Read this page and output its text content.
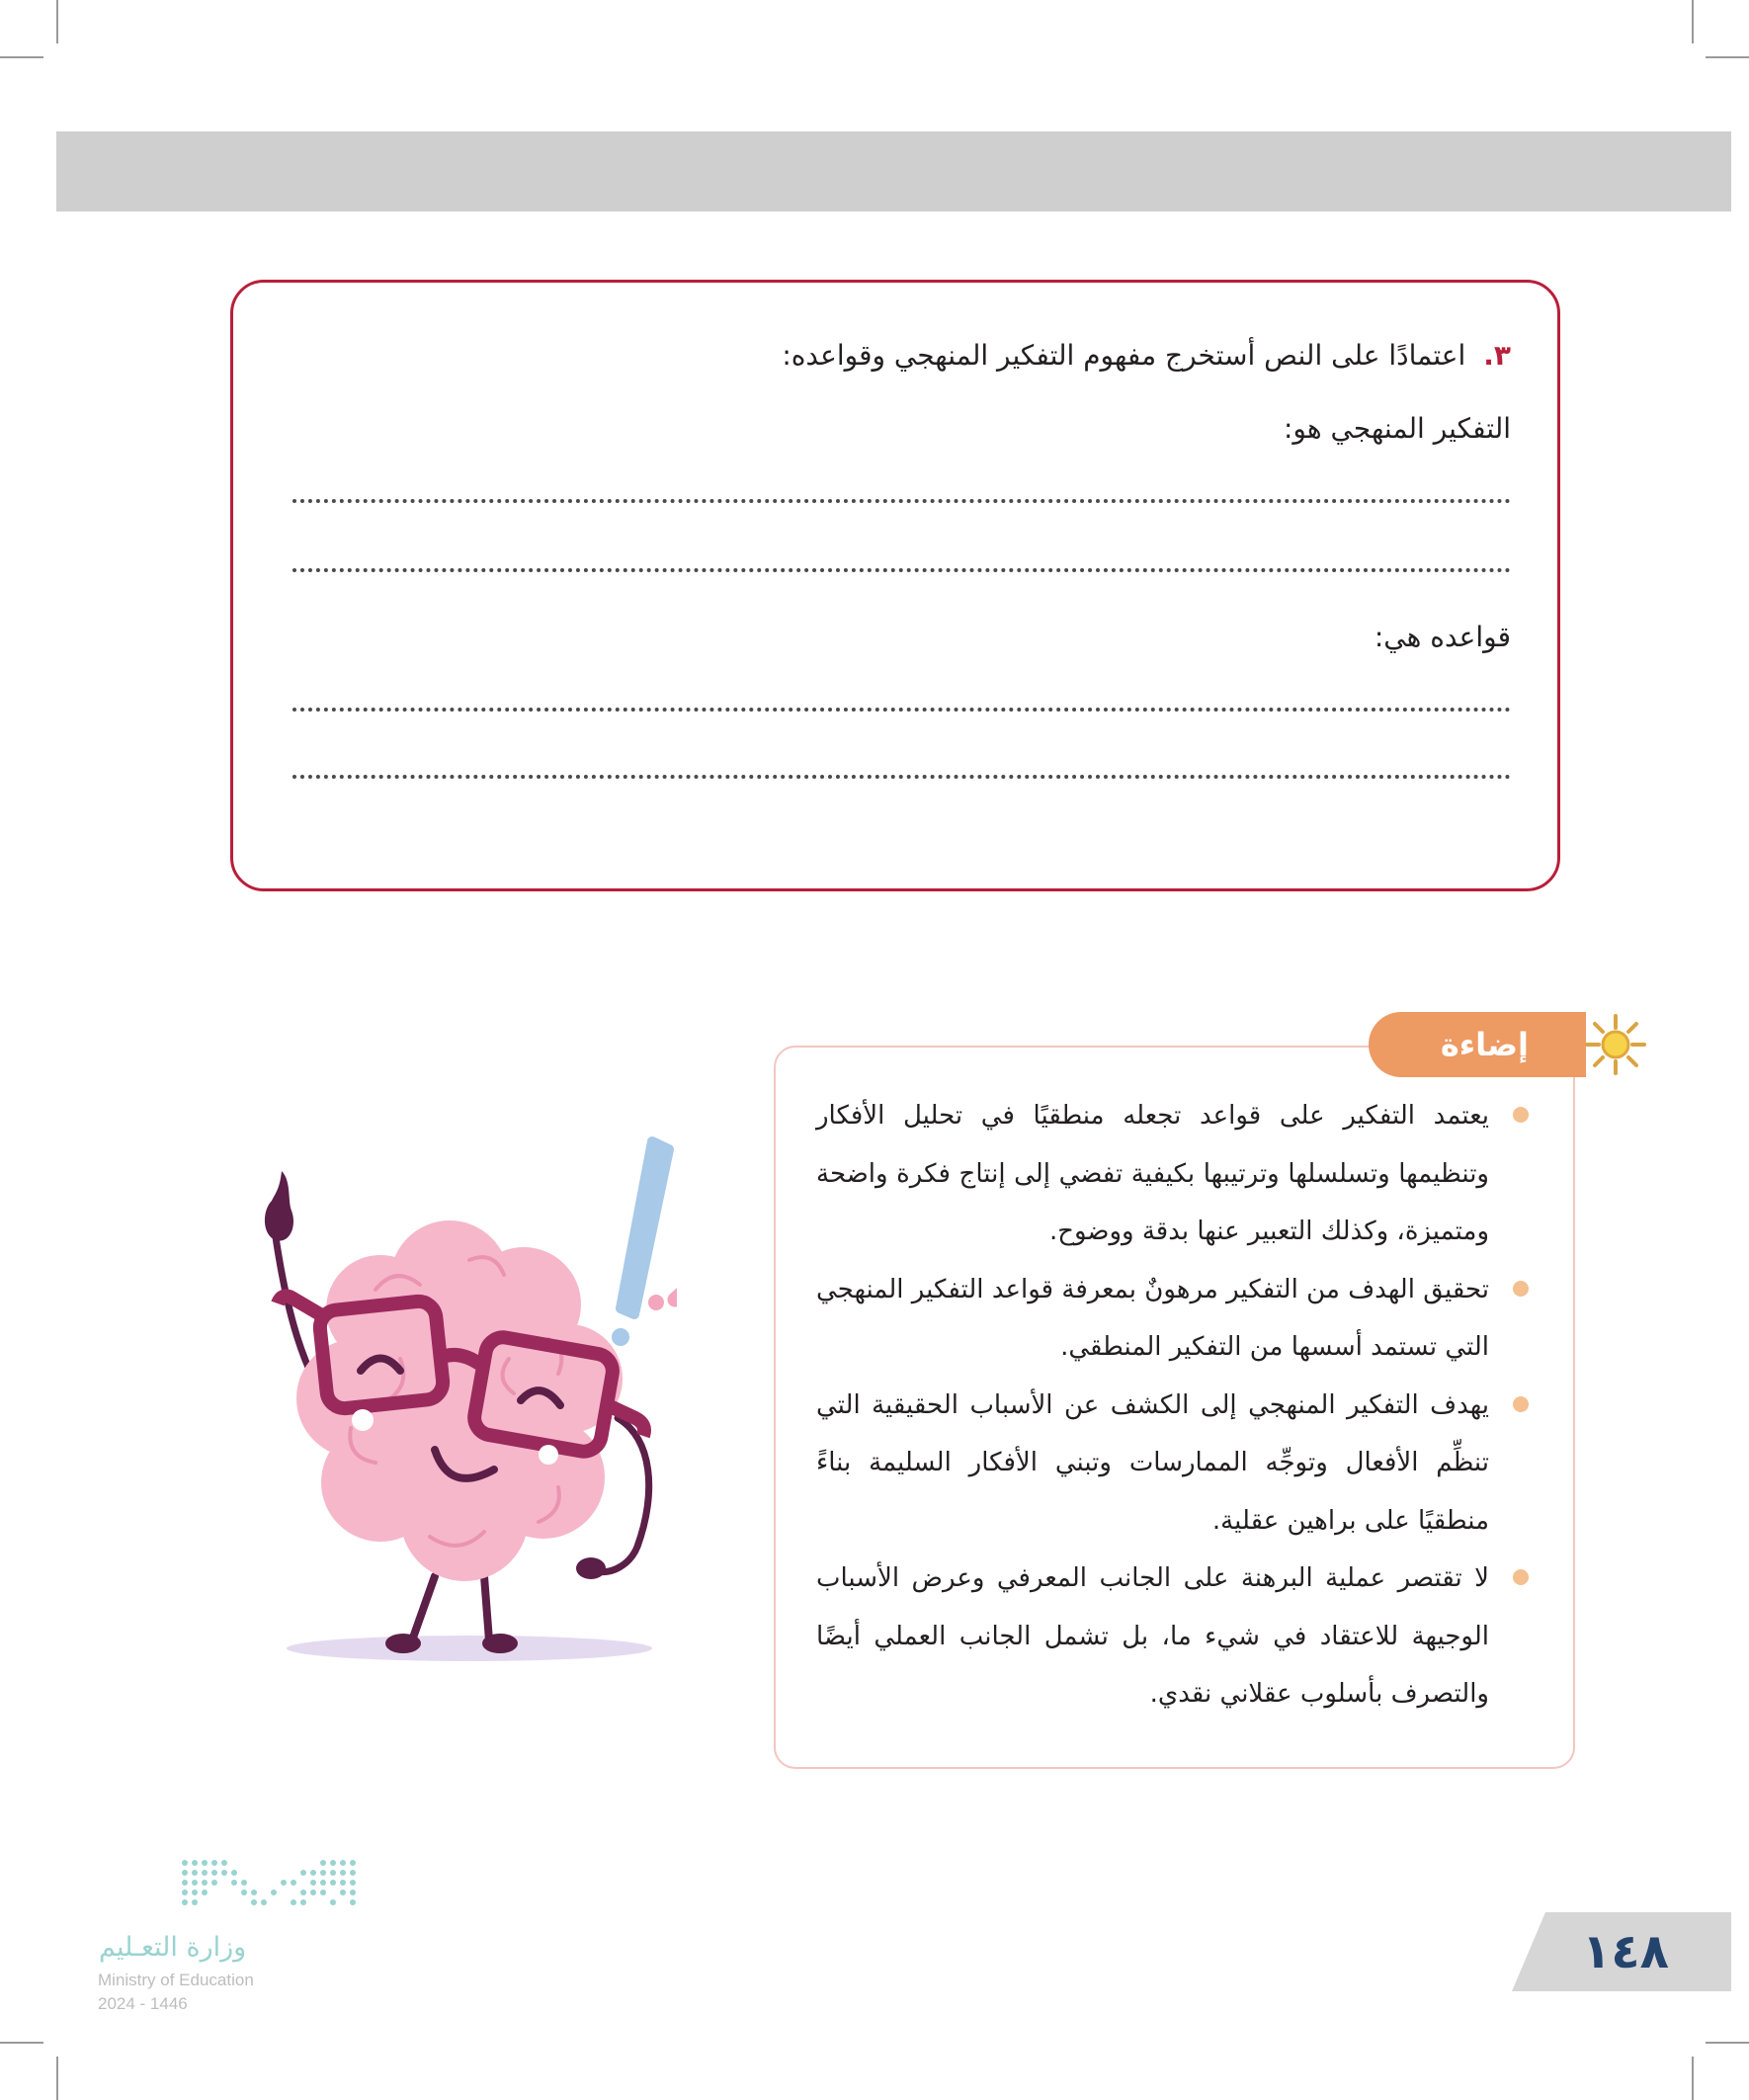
٣.اعتمادًا على النص أستخرج مفهوم التفكير المنهجي وقواعده:
التفكير المنهجي هو:
قواعده هي:
إضاءة
يعتمد التفكير على قواعد تجعله منطقيًا في تحليل الأفكار وتنظيمها وتسلسلها وترتيبها بكيفية تفضي إلى إنتاج فكرة واضحة ومتميزة، وكذلك التعبير عنها بدقة ووضوح.
تحقيق الهدف من التفكير مرهونٌ بمعرفة قواعد التفكير المنهجي التي تستمد أسسها من التفكير المنطقي.
يهدف التفكير المنهجي إلى الكشف عن الأسباب الحقيقية التي تنظِّم الأفعال وتوجِّه الممارسات وتبني الأفكار السليمة بناءً منطقيًا على براهين عقلية.
لا تقتصر عملية البرهنة على الجانب المعرفي وعرض الأسباب الوجيهة للاعتقاد في شيء ما، بل تشمل الجانب العملي أيضًا والتصرف بأسلوب عقلاني نقدي.
وزارة التعـليم
Ministry of Education
2024 - 1446
١٤٨
